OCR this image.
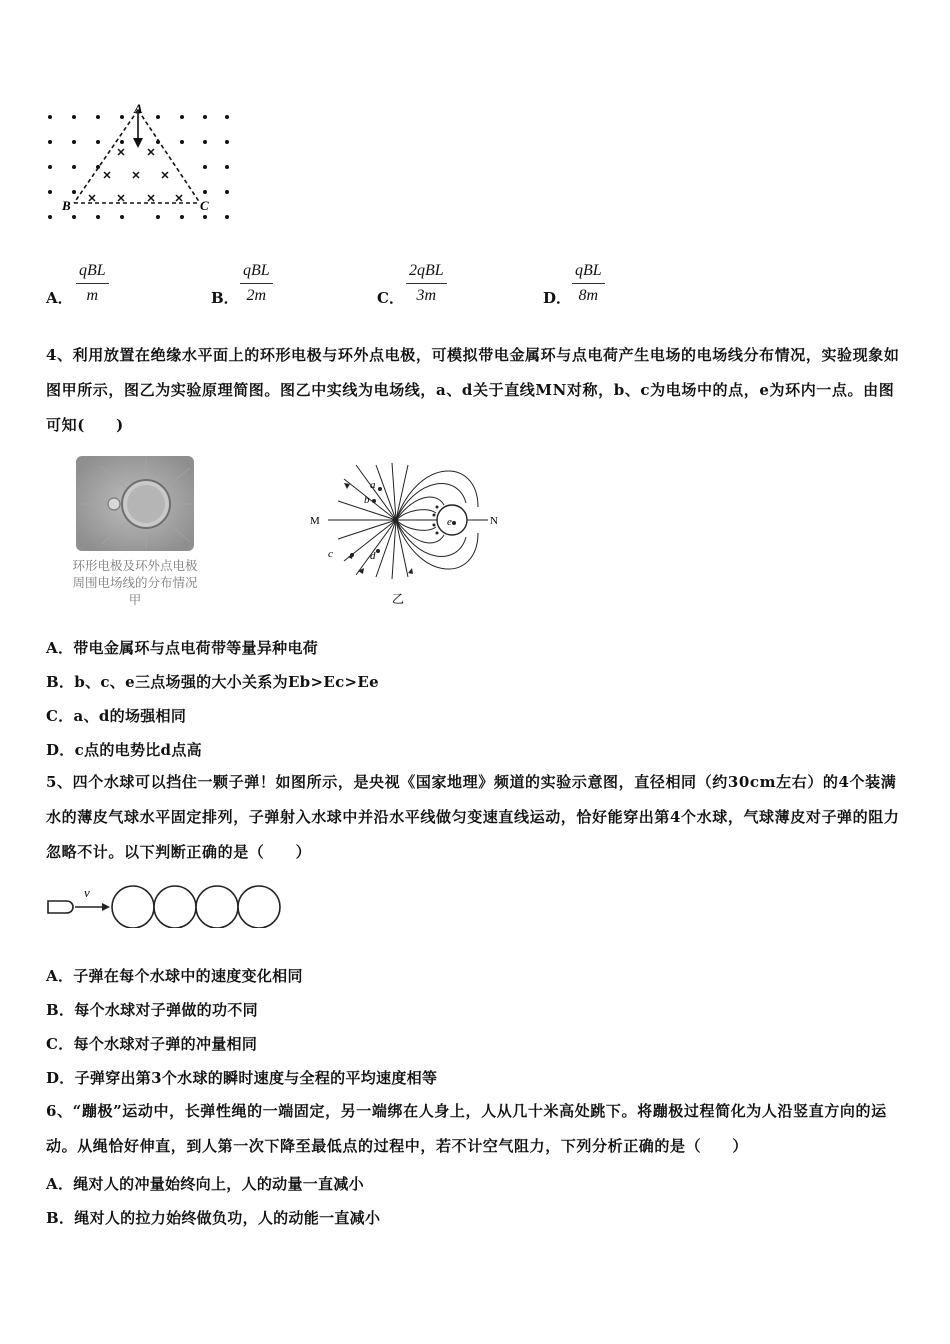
A
B	C
A．
qBL
m	B．
qBL
2m	C．
2qBL
3m	D．
qBL
8m
4、利用放置在绝缘水平面上的环形电极与环外点电极，可模拟带电金属环与点电荷产生电场的电场线分布情况，实验现象如图甲所示，图乙为实验原理简图。图乙中实线为电场线，a、d关于直线MN对称，b、c为电场中的点，e为环内一点。由图可知(　　)
环形电极及环外点电极
周围电场线的分布情况
甲
M	N
a
b
c	d
e
乙
A．带电金属环与点电荷带等量异种电荷
B．b、c、e三点场强的大小关系为Eb>Ec>Ee
C．a、d的场强相同
D．c点的电势比d点高
5、四个水球可以挡住一颗子弹！如图所示，是央视《国家地理》频道的实验示意图，直径相同（约30cm左右）的4个装满水的薄皮气球水平固定排列，子弹射入水球中并沿水平线做匀变速直线运动，恰好能穿出第4个水球，气球薄皮对子弹的阻力忽略不计。以下判断正确的是（　　）
v
A．子弹在每个水球中的速度变化相同
B．每个水球对子弹做的功不同
C．每个水球对子弹的冲量相同
D．子弹穿出第3个水球的瞬时速度与全程的平均速度相等
6、“蹦极”运动中，长弹性绳的一端固定，另一端绑在人身上，人从几十米高处跳下。将蹦极过程简化为人沿竖直方向的运动。从绳恰好伸直，到人第一次下降至最低点的过程中，若不计空气阻力，下列分析正确的是（　　）
A．绳对人的冲量始终向上，人的动量一直减小
B．绳对人的拉力始终做负功，人的动能一直减小
